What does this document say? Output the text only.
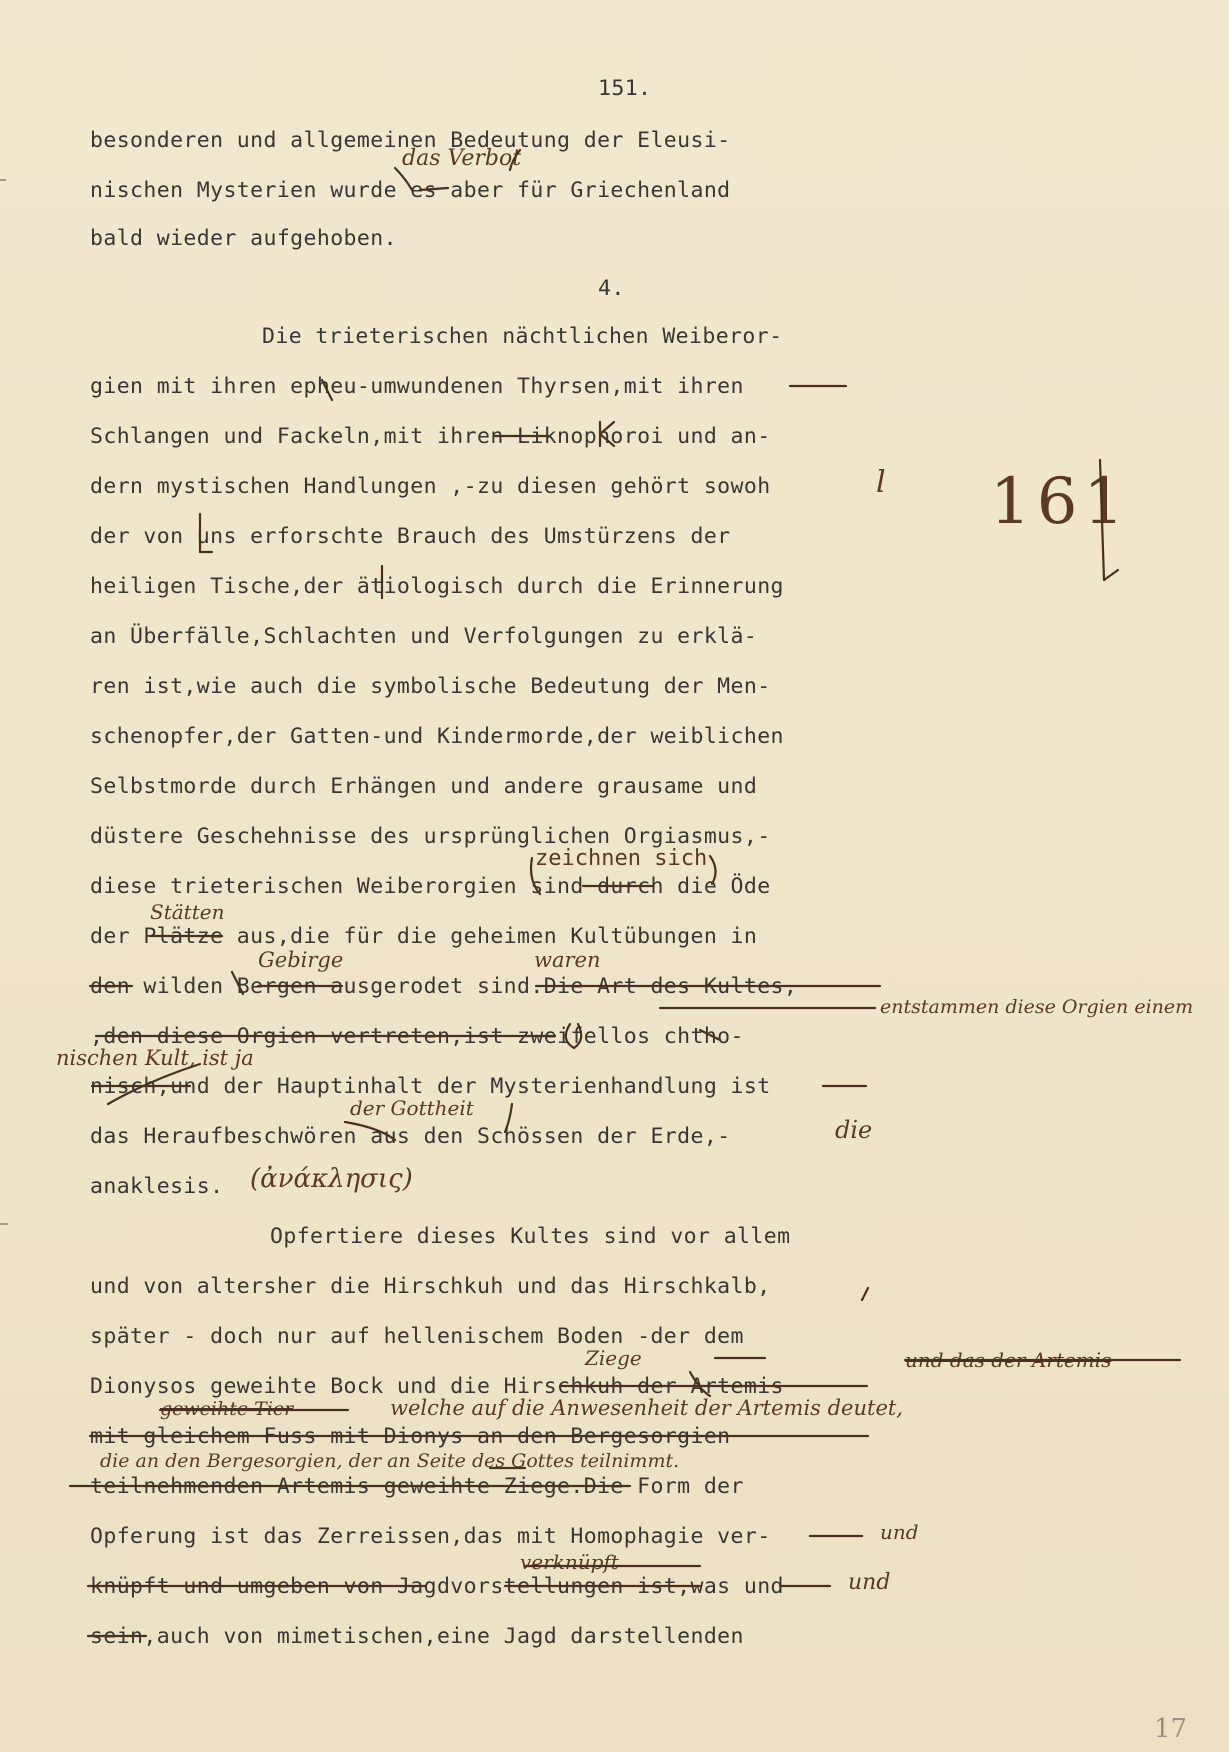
151.
besonderen und allgemeinen Bedeutung der Eleusi-
nischen Mysterien wurde es aber für Griechenland
bald wieder aufgehoben.
4.
Die trieterischen nächtlichen Weiberor-
gien mit ihren epheu-umwundenen Thyrsen,mit ihren
Schlangen und Fackeln,mit ihren Liknophoroi und an-
dern mystischen Handlungen ,-zu diesen gehört sowoh
der von uns erforschte Brauch des Umstürzens der
heiligen Tische,der ätiologisch durch die Erinnerung
an Überfälle,Schlachten und Verfolgungen zu erklä-
ren ist,wie auch die symbolische Bedeutung der Men-
schenopfer,der Gatten-und Kindermorde,der weiblichen
Selbstmorde durch Erhängen und andere grausame und
düstere Geschehnisse des ursprünglichen Orgiasmus,-
diese trieterischen Weiberorgien sind durch die Öde
der Plätze aus,die für die geheimen Kultübungen in
den wilden Bergen ausgerodet sind.Die Art des Kultes,
,den diese Orgien vertreten,ist zweifellos chtho-
nisch,und der Hauptinhalt der Mysterienhandlung ist
das Heraufbeschwören aus den Schössen der Erde,-
anaklesis.
Opfertiere dieses Kultes sind vor allem
und von altersher die Hirschkuh und das Hirschkalb,
später - doch nur auf hellenischem Boden -der dem
Dionysos geweihte Bock und die Hirschkuh der Artemis
mit gleichem Fuss mit Dionys an den Bergesorgien
teilnehmenden Artemis geweihte Ziege.Die Form der
Opferung ist das Zerreissen,das mit Homophagie ver-
knüpft und umgeben von Jagdvorstellungen ist,was und
sein,auch von mimetischen,eine Jagd darstellenden
das Verbot
l 161
zeichnen sich
Stätten
Gebirge	waren
entstammen diese Orgien einem
nischen Kult, ist ja
der Gottheit
die
(ἀνάκλησις)
Ziege	und das der Artemis
geweihte Tier	welche auf die Anwesenheit der Artemis deutet,
die an den Bergesorgien, der an Seite des Gottes teilnimmt.
und
verknüpft
und
17
